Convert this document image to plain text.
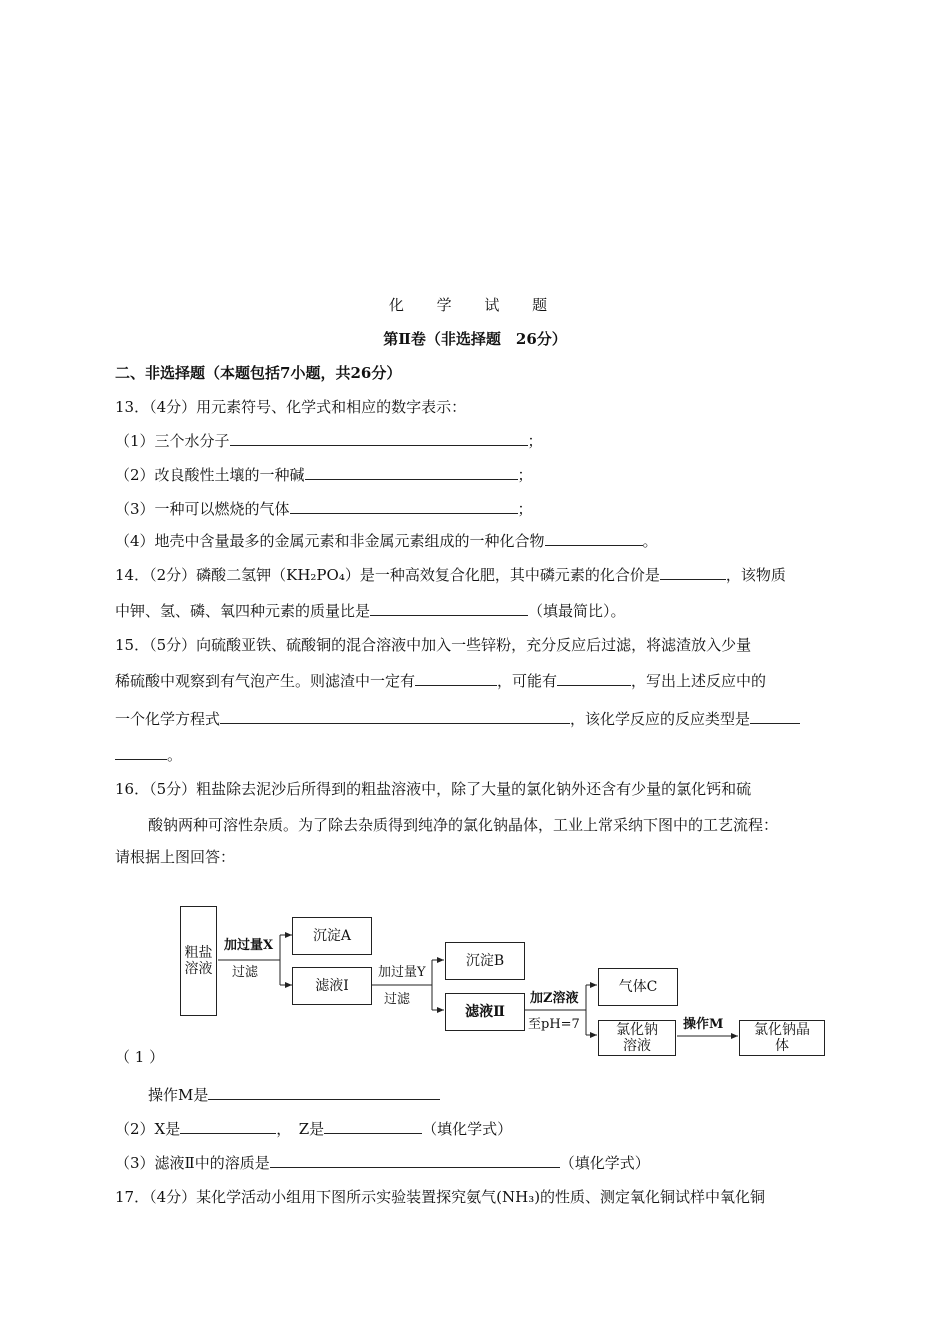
化 学 试 题
第Ⅱ卷（非选择题　26分）
二、非选择题（本题包括7小题，共26分）
13．（4分）用元素符号、化学式和相应的数字表示：
（1）三个水分子	；
（2）改良酸性土壤的一种碱	；
（3）一种可以燃烧的气体	；
（4）地壳中含量最多的金属元素和非金属元素组成的一种化合物	。
14．（2分）磷酸二氢钾（KH₂PO₄）是一种高效复合化肥，其中磷元素的化合价是	，该物质
中钾、氢、磷、氧四种元素的质量比是	（填最简比）。
15．（5分）向硫酸亚铁、硫酸铜的混合溶液中加入一些锌粉，充分反应后过滤，将滤渣放入少量
稀硫酸中观察到有气泡产生。则滤渣中一定有	，可能有	，写出上述反应中的
一个化学方程式	，该化学反应的反应类型是
。
16．（5分）粗盐除去泥沙后所得到的粗盐溶液中，除了大量的氯化钠外还含有少量的氯化钙和硫
酸钠两种可溶性杂质。为了除去杂质得到纯净的氯化钠晶体，工业上常采纳下图中的工艺流程：
请根据上图回答：
粗盐溶液
加过量X
过滤
沉淀A
滤液Ⅰ
加过量Y
过滤
沉淀B
滤液Ⅱ
加Z溶液
至pH=7
气体C
氯化钠溶液
操作M	氯化钠晶体
（ 1 ）
操作M是
（2）X是	，　Z是	（填化学式）
（3）滤液Ⅱ中的溶质是	（填化学式）
17．（4分）某化学活动小组用下图所示实验装置探究氨气(NH₃)的性质、测定氧化铜试样中氧化铜
